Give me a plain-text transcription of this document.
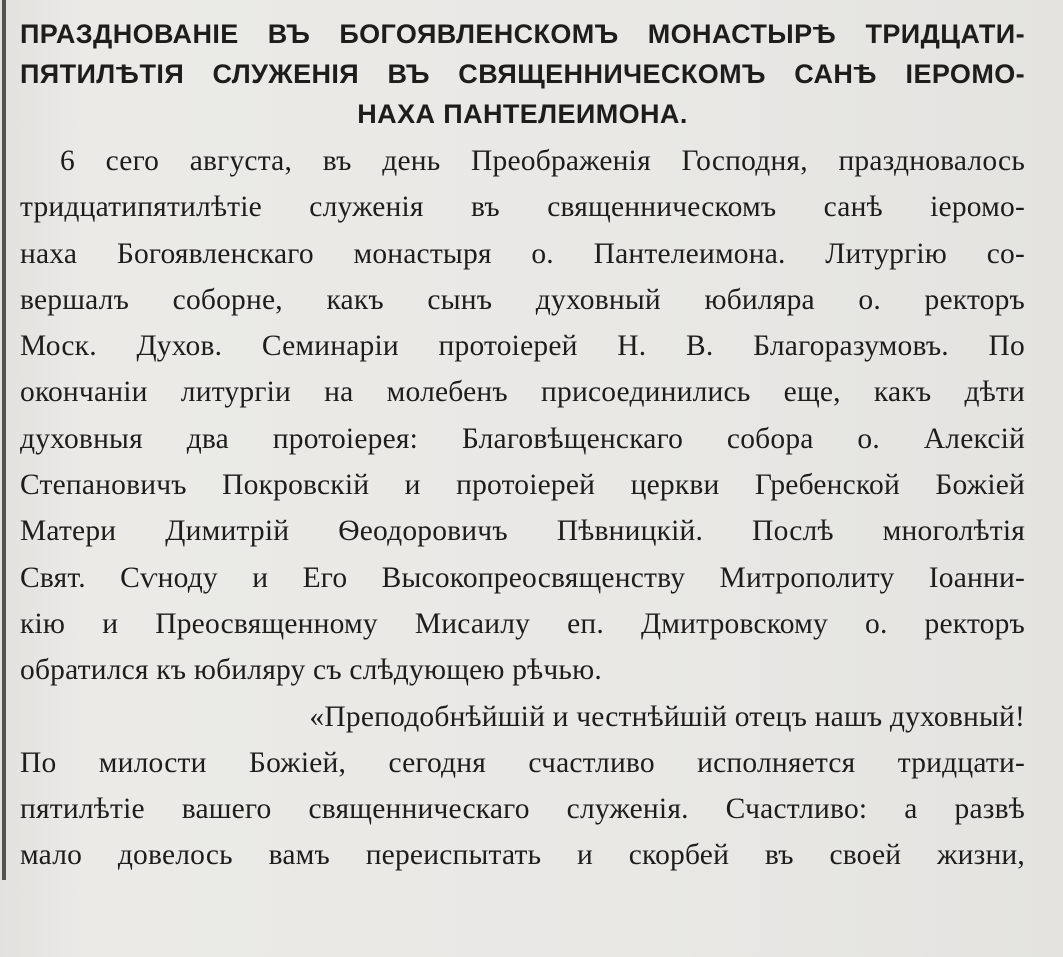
ПРАЗДНОВАНІЕ ВЪ БОГОЯВЛЕНСКОМЪ МОНАСТЫРѢ ТРИДЦАТИ-
ПЯТИЛѢТІЯ СЛУЖЕНІЯ ВЪ СВЯЩЕННИЧЕСКОМЪ САНѢ ІЕРОМО-
НАХА ПАНТЕЛЕИМОНА.
6 сего августа, въ день Преображенія Господня, праздновалось
тридцатипятилѣтіе служенія въ священническомъ санѣ іеромо-
наха Богоявленскаго монастыря о. Пантелеимона. Литургію со-
вершалъ соборне, какъ сынъ духовный юбиляра о. ректоръ
Моск. Духов. Семинаріи протоіерей Н. В. Благоразумовъ. По
окончаніи литургіи на молебенъ присоединились еще, какъ дѣти
духовныя два протоіерея: Благовѣщенскаго собора о. Алексій
Степановичъ Покровскій и протоіерей церкви Гребенской Божіей
Матери Димитрій Ѳеодоровичъ Пѣвницкій. Послѣ многолѣтія
Свят. Сѵноду и Его Высокопреосвященству Митрополиту Іоанни-
кію и Преосвященному Мисаилу еп. Дмитровскому о. ректоръ
обратился къ юбиляру съ слѣдующею рѣчью.
«Преподобнѣйшій и честнѣйшій отецъ нашъ духовный!
По милости Божіей, сегодня счастливо исполняется тридцати-
пятилѣтіе вашего священническаго служенія. Счастливо: а развѣ
мало довелось вамъ переиспытать и скорбей въ своей жизни,
